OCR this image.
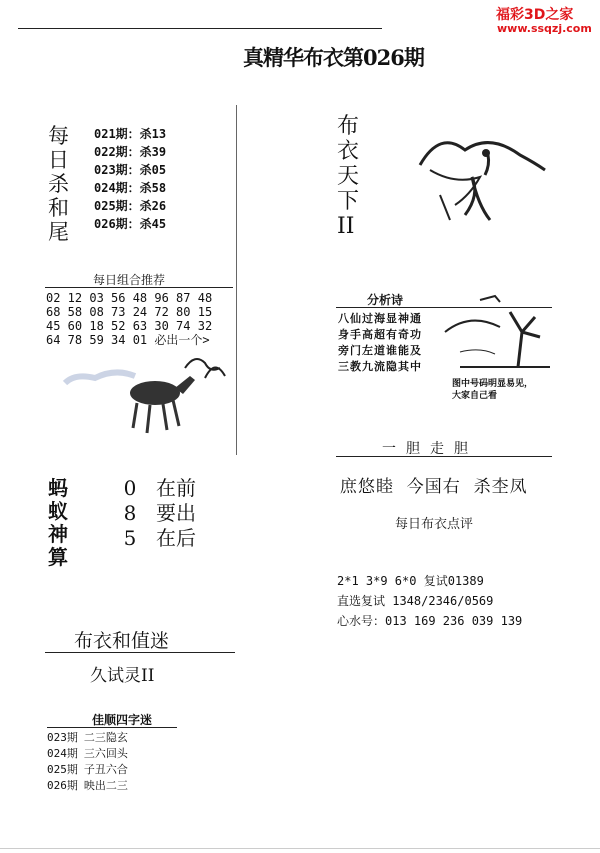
福彩3D之家
www.ssqzj.com
真精华布衣第026期
每
日
杀
和
尾
021期：杀13
022期：杀39
023期：杀05
024期：杀58
025期：杀26
026期：杀45
布
衣
天
下
II
每日组合推荐
02 12 03 56 48 96 87 48
68 58 08 73 24 72 80 15
45 60 18 52 63 30 74 32
64 78 59 34 01 必出一个>
分析诗
八仙过海显神通
身手高超有奇功
旁门左道谁能及
三教九流隐其中
图中号码明显易见，
大家自己看
一胆走胆
庶悠睦  今国右  杀杢凤
每日布衣点评
2*1 3*9 6*0 复试01389
直选复试 1348/2346/0569
心水号：013 169 236 039 139
蚂
蚁
神
算
0 在前
8 要出
5 在后
布衣和值迷
久试灵II
佳顺四字迷
023期 二三隐玄
024期 三六回头
025期 子丑六合
026期 映出二三
